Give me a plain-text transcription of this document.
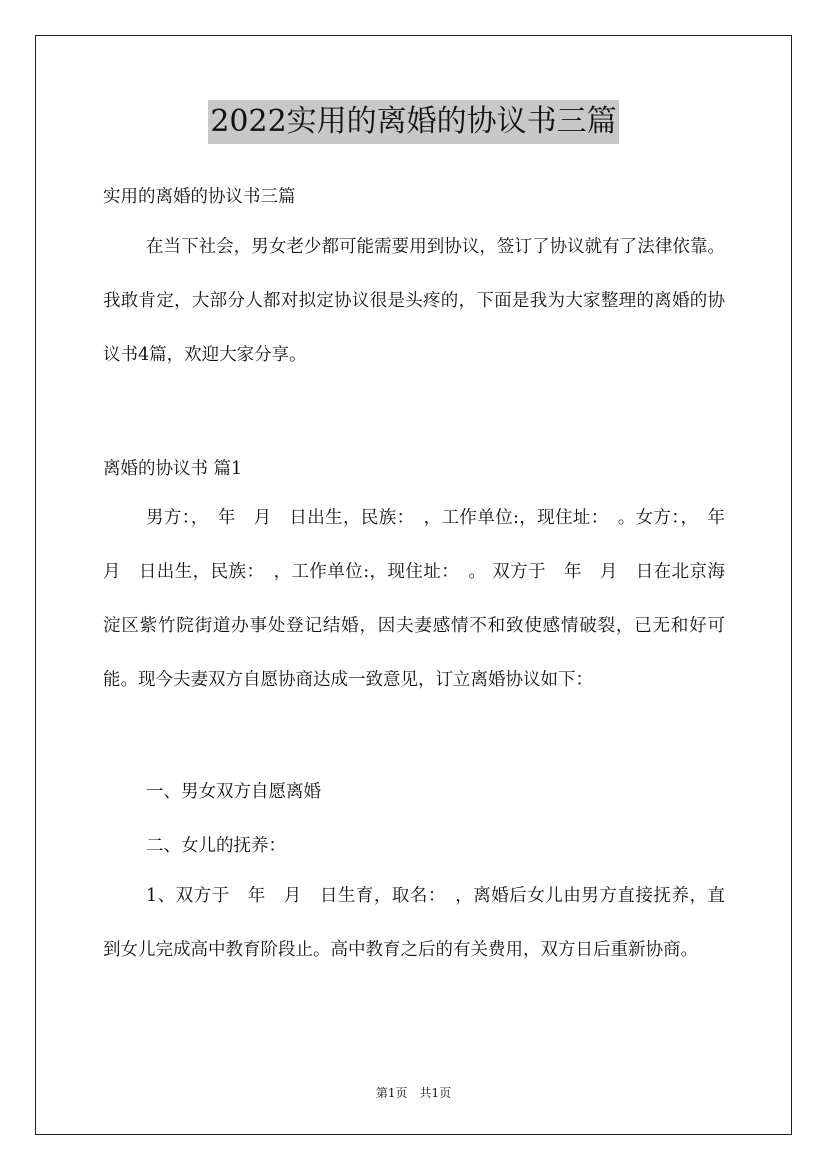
2022实用的离婚的协议书三篇
实用的离婚的协议书三篇

在当下社会，男女老少都可能需要用到协议，签订了协议就有了法律依靠。我敢肯定，大部分人都对拟定协议很是头疼的，下面是我为大家整理的离婚的协议书4篇，欢迎大家分享。

离婚的协议书 篇1

男方：，　年　月　日出生，民族：　，工作单位:，现住址：　。女方：，　年　月　日出生，民族：　，工作单位:，现住址：　。 双方于　年　月　日在北京海淀区紫竹院街道办事处登记结婚，因夫妻感情不和致使感情破裂，已无和好可能。现今夫妻双方自愿协商达成一致意见，订立离婚协议如下：

一、男女双方自愿离婚
二、女儿的抚养：

1、双方于　年　月　日生育，取名：　，离婚后女儿由男方直接抚养，直到女儿完成高中教育阶段止。高中教育之后的有关费用，双方日后重新协商。

第1页　共1页
